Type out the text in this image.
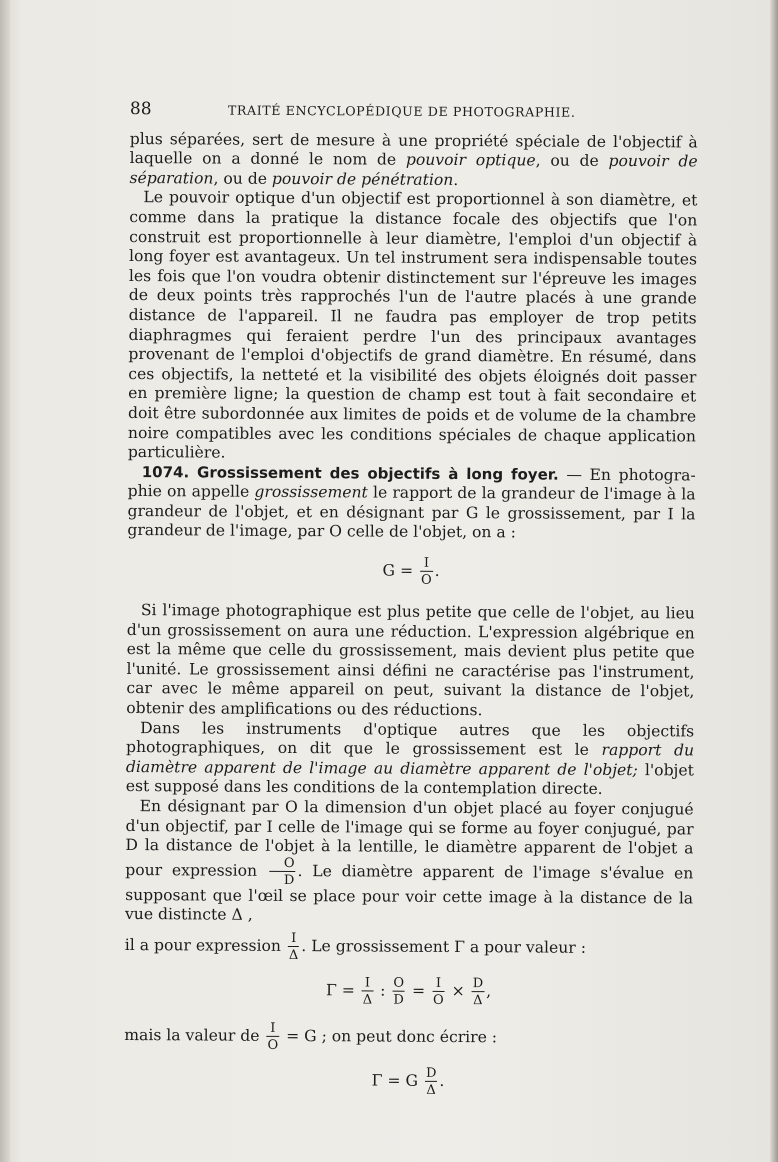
88	TRAITÉ ENCYCLOPÉDIQUE DE PHOTOGRAPHIE.

plus séparées, sert de mesure à une propriété spéciale de l'objectif à laquelle on a donné le nom de pouvoir optique, ou de pouvoir de séparation, ou de pouvoir de pénétration.

Le pouvoir optique d'un objectif est proportionnel à son diamètre, et comme dans la pratique la distance focale des objectifs que l'on construit est proportionnelle à leur diamètre, l'emploi d'un objectif à long foyer est avantageux. Un tel instrument sera indispensable toutes les fois que l'on voudra obtenir distinctement sur l'épreuve les images de deux points très rapprochés l'un de l'autre placés à une grande distance de l'appareil. Il ne faudra pas employer de trop petits diaphragmes qui feraient perdre l'un des principaux avantages provenant de l'emploi d'objectifs de grand diamètre. En résumé, dans ces objectifs, la netteté et la visibilité des objets éloignés doit passer en première ligne; la question de champ est tout à fait secondaire et doit être subordonnée aux limites de poids et de volume de la chambre noire compatibles avec les conditions spéciales de chaque application particulière.

1074. Grossissement des objectifs à long foyer. — En photographie on appelle grossissement le rapport de la grandeur de l'image à la grandeur de l'objet, et en désignant par G le grossissement, par I la grandeur de l'image, par O celle de l'objet, on a :

$G = \frac{I}{O}$ .

Si l'image photographique est plus petite que celle de l'objet, au lieu d'un grossissement on aura une réduction. L'expression algébrique en est la même que celle du grossissement, mais devient plus petite que l'unité. Le grossissement ainsi défini ne caractérise pas l'instrument, car avec le même appareil on peut, suivant la distance de l'objet, obtenir des amplifications ou des réductions.

Dans les instruments d'optique autres que les objectifs photographiques, on dit que le grossissement est le rapport du diamètre apparent de l'image au diamètre apparent de l'objet; l'objet est supposé dans les conditions de la contemplation directe.

En désignant par O la dimension d'un objet placé au foyer conjugué d'un objectif, par I celle de l'image qui se forme au foyer conjugué, par D la distance de l'objet à la lentille, le diamètre apparent de l'objet a pour expression $\frac{O}{D}$ . Le diamètre apparent de l'image s'évalue en supposant que l'œil se place pour voir cette image à la distance de la vue distincte Δ ,

il a pour expression $\frac{I}{\Delta}$ . Le grossissement Γ a pour valeur :

$\Gamma = \frac{I}{\Delta}$ : $\frac{O}{D} = \frac{I}{O} \times \frac{D}{\Delta}$ ,

mais la valeur de $\frac{I}{O} = G$ ; on peut donc écrire :

Γ = G $\frac{D}{\Delta}$ .
